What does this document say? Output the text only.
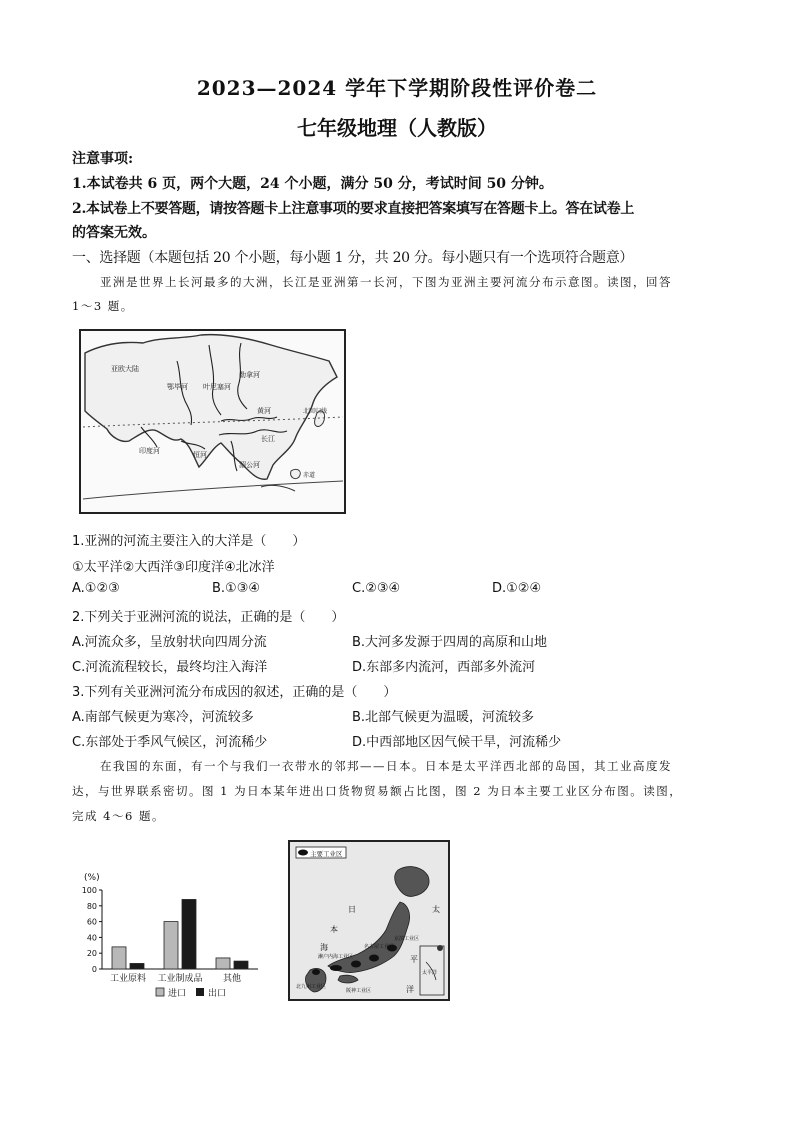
2023—2024 学年下学期阶段性评价卷二
七年级地理（人教版）
注意事项:
1.本试卷共 6 页，两个大题，24 个小题，满分 50 分，考试时间 50 分钟。
2.本试卷上不要答题，请按答题卡上注意事项的要求直接把答案填写在答题卡上。答在试卷上
的答案无效。
一、选择题（本题包括 20 个小题，每小题 1 分，共 20 分。每小题只有一个选项符合题意）
亚洲是世界上长河最多的大洲，长江是亚洲第一长河，下图为亚洲主要河流分布示意图。读图，回答
1～3 题。
叶尼塞河
勒拿河
鄂毕河
黄河
长江
湄公河
恒河
印度河
北回归线
赤道
亚欧大陆
1.亚洲的河流主要注入的大洋是（　　）
①太平洋②大西洋③印度洋④北冰洋
A.①②③	B.①③④	C.②③④	D.①②④
2.下列关于亚洲河流的说法，正确的是（　　）
A.河流众多，呈放射状向四周分流	B.大河多发源于四周的高原和山地
C.河流流程较长，最终均注入海洋	D.东部多内流河，西部多外流河
3.下列有关亚洲河流分布成因的叙述，正确的是（　　）
A.南部气候更为寒冷，河流较多	B.北部气候更为温暖，河流较多
C.东部处于季风气候区，河流稀少	D.中西部地区因气候干旱，河流稀少
在我国的东面，有一个与我们一衣带水的邻邦——日本。日本是太平洋西北部的岛国，其工业高度发
达，与世界联系密切。图 1 为日本某年进出口货物贸易额占比图，图 2 为日本主要工业区分布图。读图，
完成 4～6 题。
(%)
0
20
40
60
80
100
工业原料 工业制成品 其他
进口 出口
主要工业区
日
本
海
太
平
洋
太平洋
北九州工业区
阪神工业区
京滨工业区
名古屋工业区
濑户内海工业区
